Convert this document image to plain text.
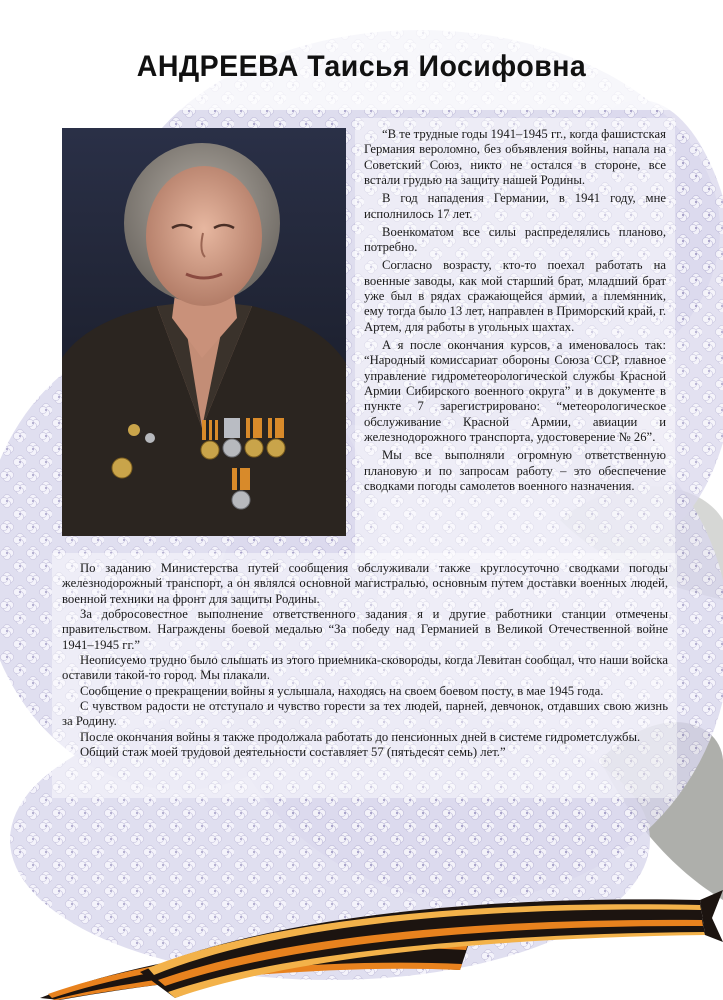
АНДРЕЕВА Таисья Иосифовна

“В те трудные годы 1941–1945 гг., когда фашистская Германия вероломно, без объявления войны, напала на Советский Союз, никто не остался в стороне, все встали грудью на защиту нашей Родины.

В год нападения Германии, в 1941 году, мне исполнилось 17 лет.

Военкоматом все силы распределялись планово, потребно.

Согласно возрасту, кто-то поехал работать на военные заводы, как мой старший брат, младший брат уже был в рядах сражающейся армии, а племянник, ему тогда было 13 лет, направлен в Приморский край, г. Артем, для работы в угольных шахтах.

А я после окончания курсов, а именовалось так: “Народный комиссариат обороны Союза ССР, главное управление гидрометеорологической службы Красной Армии Сибирского военного округа” и в документе в пункте 7 зарегистрировано: “метеорологическое обслуживание Красной Армии, авиации и железнодорожного транспорта, удостоверение № 26”.

Мы все выполняли огромную ответственную плановую и по запросам работу – это обеспечение сводками погоды самолетов военного назначения.

По заданию Министерства путей сообщения обслуживали также круглосуточно сводками погоды железнодорожный транспорт, а он являлся основной магистралью, основным путем доставки военных людей, военной техники на фронт для защиты Родины.

За добросовестное выполнение ответственного задания я и другие работники станции отмечены правительством. Награждены боевой медалью “За победу над Германией в Великой Отечественной войне 1941–1945 гг.”

Неописуемо трудно было слышать из этого приемника-сковороды, когда Левитан сообщал, что наши войска оставили такой-то город. Мы плакали.

Сообщение о прекращении войны я услышала, находясь на своем боевом посту, в мае 1945 года.

С чувством радости не отступало и чувство горести за тех людей, парней, девчонок, отдавших свою жизнь за Родину.

После окончания войны я также продолжала работать до пенсионных дней в системе гидрометслужбы.

Общий стаж моей трудовой деятельности составляет 57 (пятьдесят семь) лет.”
